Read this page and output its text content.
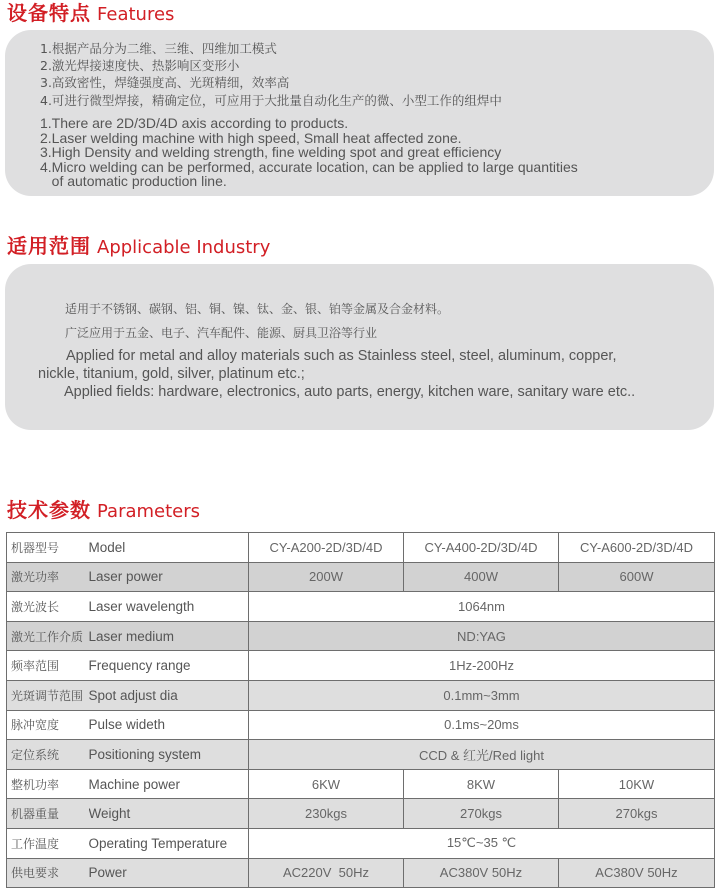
设备特点 Features
1.根据产品分为二维、三维、四维加工模式
2.激光焊接速度快、热影响区变形小
3.高致密性，焊缝强度高、光斑精细，效率高
4.可进行微型焊接，精确定位，可应用于大批量自动化生产的微、小型工作的组焊中
1.There are 2D/3D/4D axis according to products.
2.Laser welding machine with high speed, Small heat affected zone.
3.High Density and welding strength, fine welding spot and great efficiency
4.Micro welding can be performed, accurate location, can be applied to large quantities
of automatic production line.
适用范围 Applicable Industry
适用于不锈钢、碳钢、铝、铜、镍、钛、金、银、铂等金属及合金材料。
广泛应用于五金、电子、汽车配件、能源、厨具卫浴等行业
Applied for metal and alloy materials such as Stainless steel, steel, aluminum, copper,
nickle, titanium, gold, silver, platinum etc.;
Applied fields: hardware, electronics, auto parts, energy, kitchen ware, sanitary ware etc..
技术参数 Parameters
机器型号	Model	CY-A200-2D/3D/4D	CY-A400-2D/3D/4D	CY-A600-2D/3D/4D
激光功率	Laser power	200W	400W	600W
激光波长	Laser wavelength	1064nm		
激光工作介质	Laser medium	ND:YAG		
频率范围	Frequency range	1Hz-200Hz		
光斑调节范围	Spot adjust dia	0.1mm~3mm		
脉冲宽度	Pulse wideth	0.1ms~20ms		
定位系统	Positioning system	CCD & 红光/Red light		
整机功率	Machine power	6KW	8KW	10KW
机器重量	Weight	230kgs	270kgs	270kgs
工作温度	Operating Temperature	15℃~35 ℃		
供电要求	Power	AC220V  50Hz	AC380V 50Hz	AC380V 50Hz
